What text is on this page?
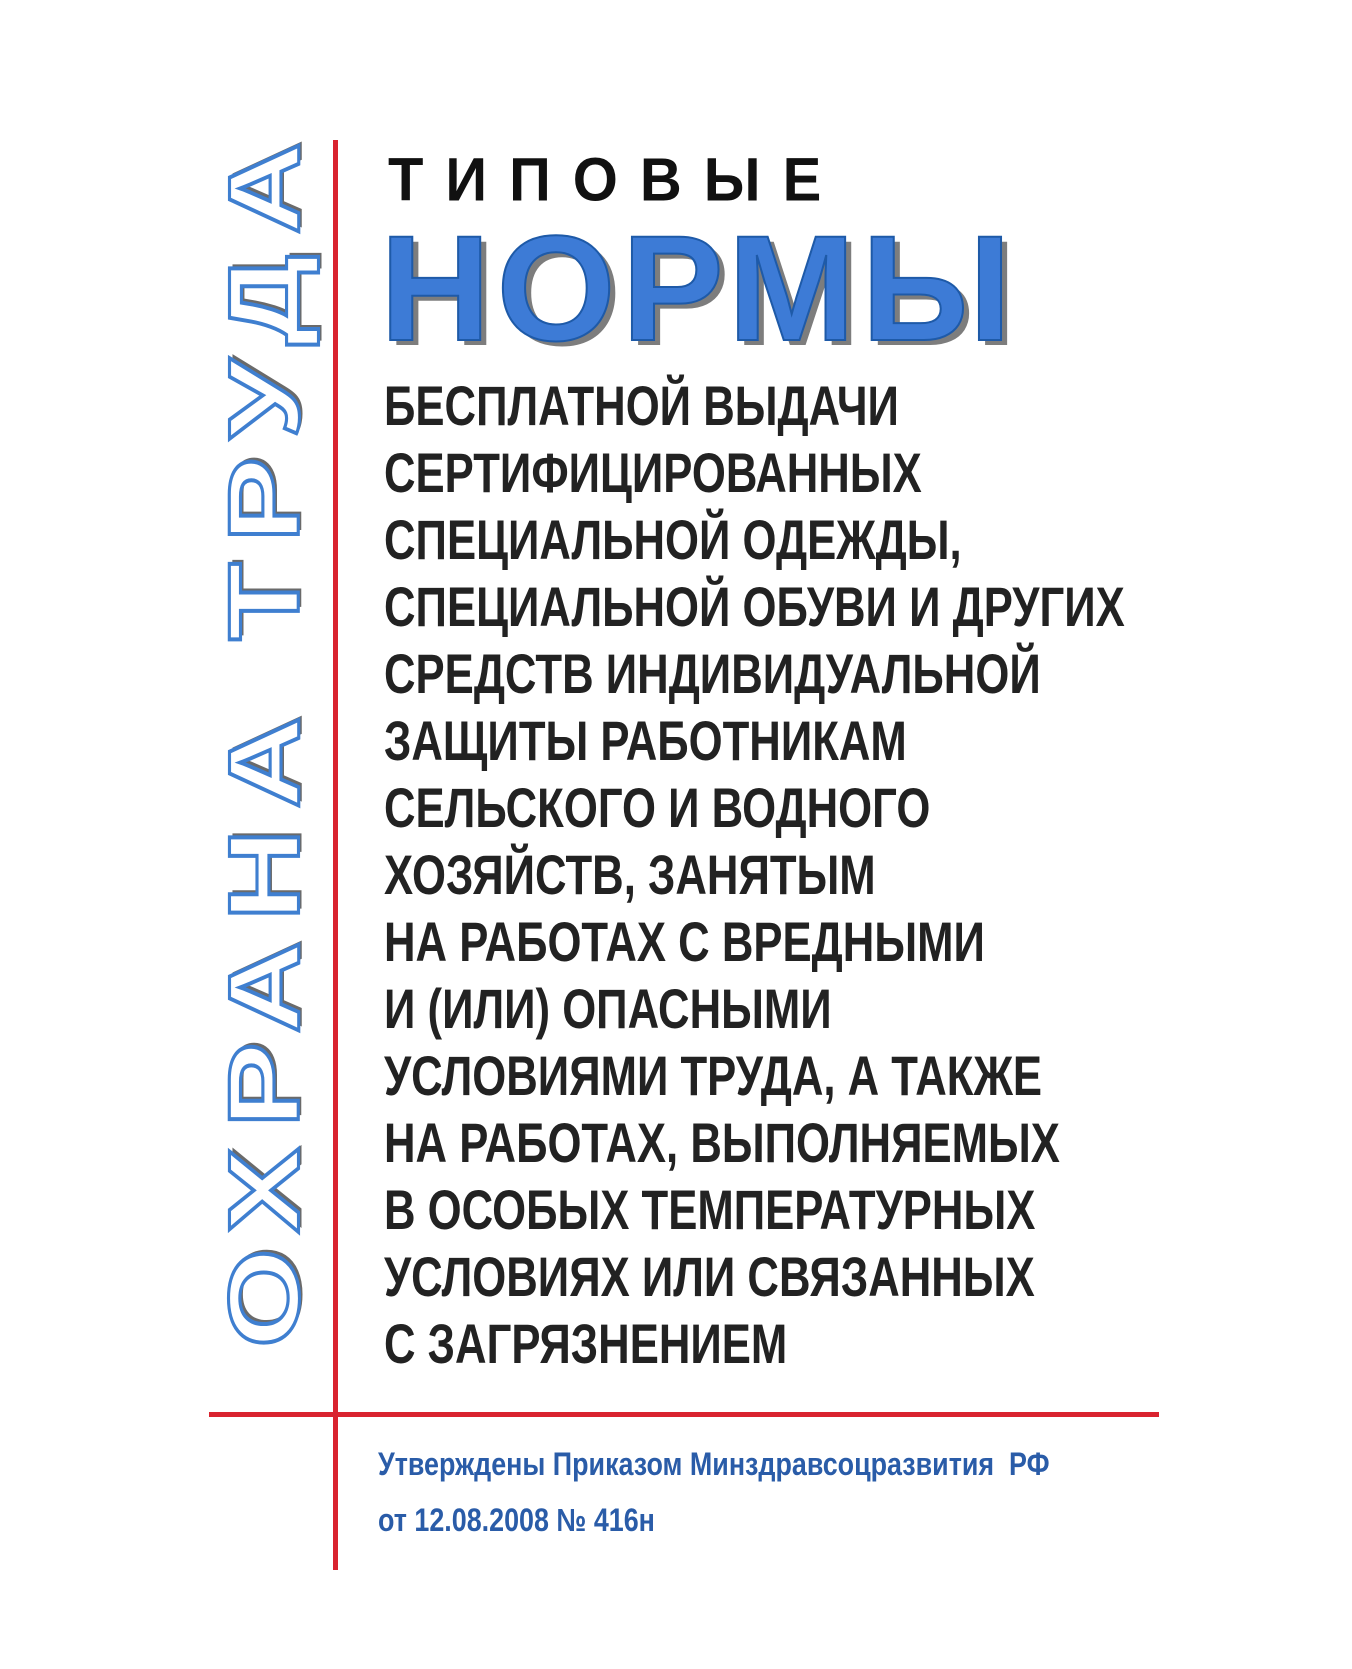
ОХРАНА ТРУДА ТИПОВЫЕ
НОРМЫ
БЕСПЛАТНОЙ ВЫДАЧИ
СЕРТИФИЦИРОВАННЫХ
СПЕЦИАЛЬНОЙ ОДЕЖДЫ,
СПЕЦИАЛЬНОЙ ОБУВИ И ДРУГИХ
СРЕДСТВ ИНДИВИДУАЛЬНОЙ
ЗАЩИТЫ РАБОТНИКАМ
СЕЛЬСКОГО И ВОДНОГО
ХОЗЯЙСТВ, ЗАНЯТЫМ
НА РАБОТАХ С ВРЕДНЫМИ
И (ИЛИ) ОПАСНЫМИ
УСЛОВИЯМИ ТРУДА, А ТАКЖЕ
НА РАБОТАХ, ВЫПОЛНЯЕМЫХ
В ОСОБЫХ ТЕМПЕРАТУРНЫХ
УСЛОВИЯХ ИЛИ СВЯЗАННЫХ
С ЗАГРЯЗНЕНИЕМ
Утверждены Приказом Минздравсоцразвития  РФ
от 12.08.2008 № 416н
